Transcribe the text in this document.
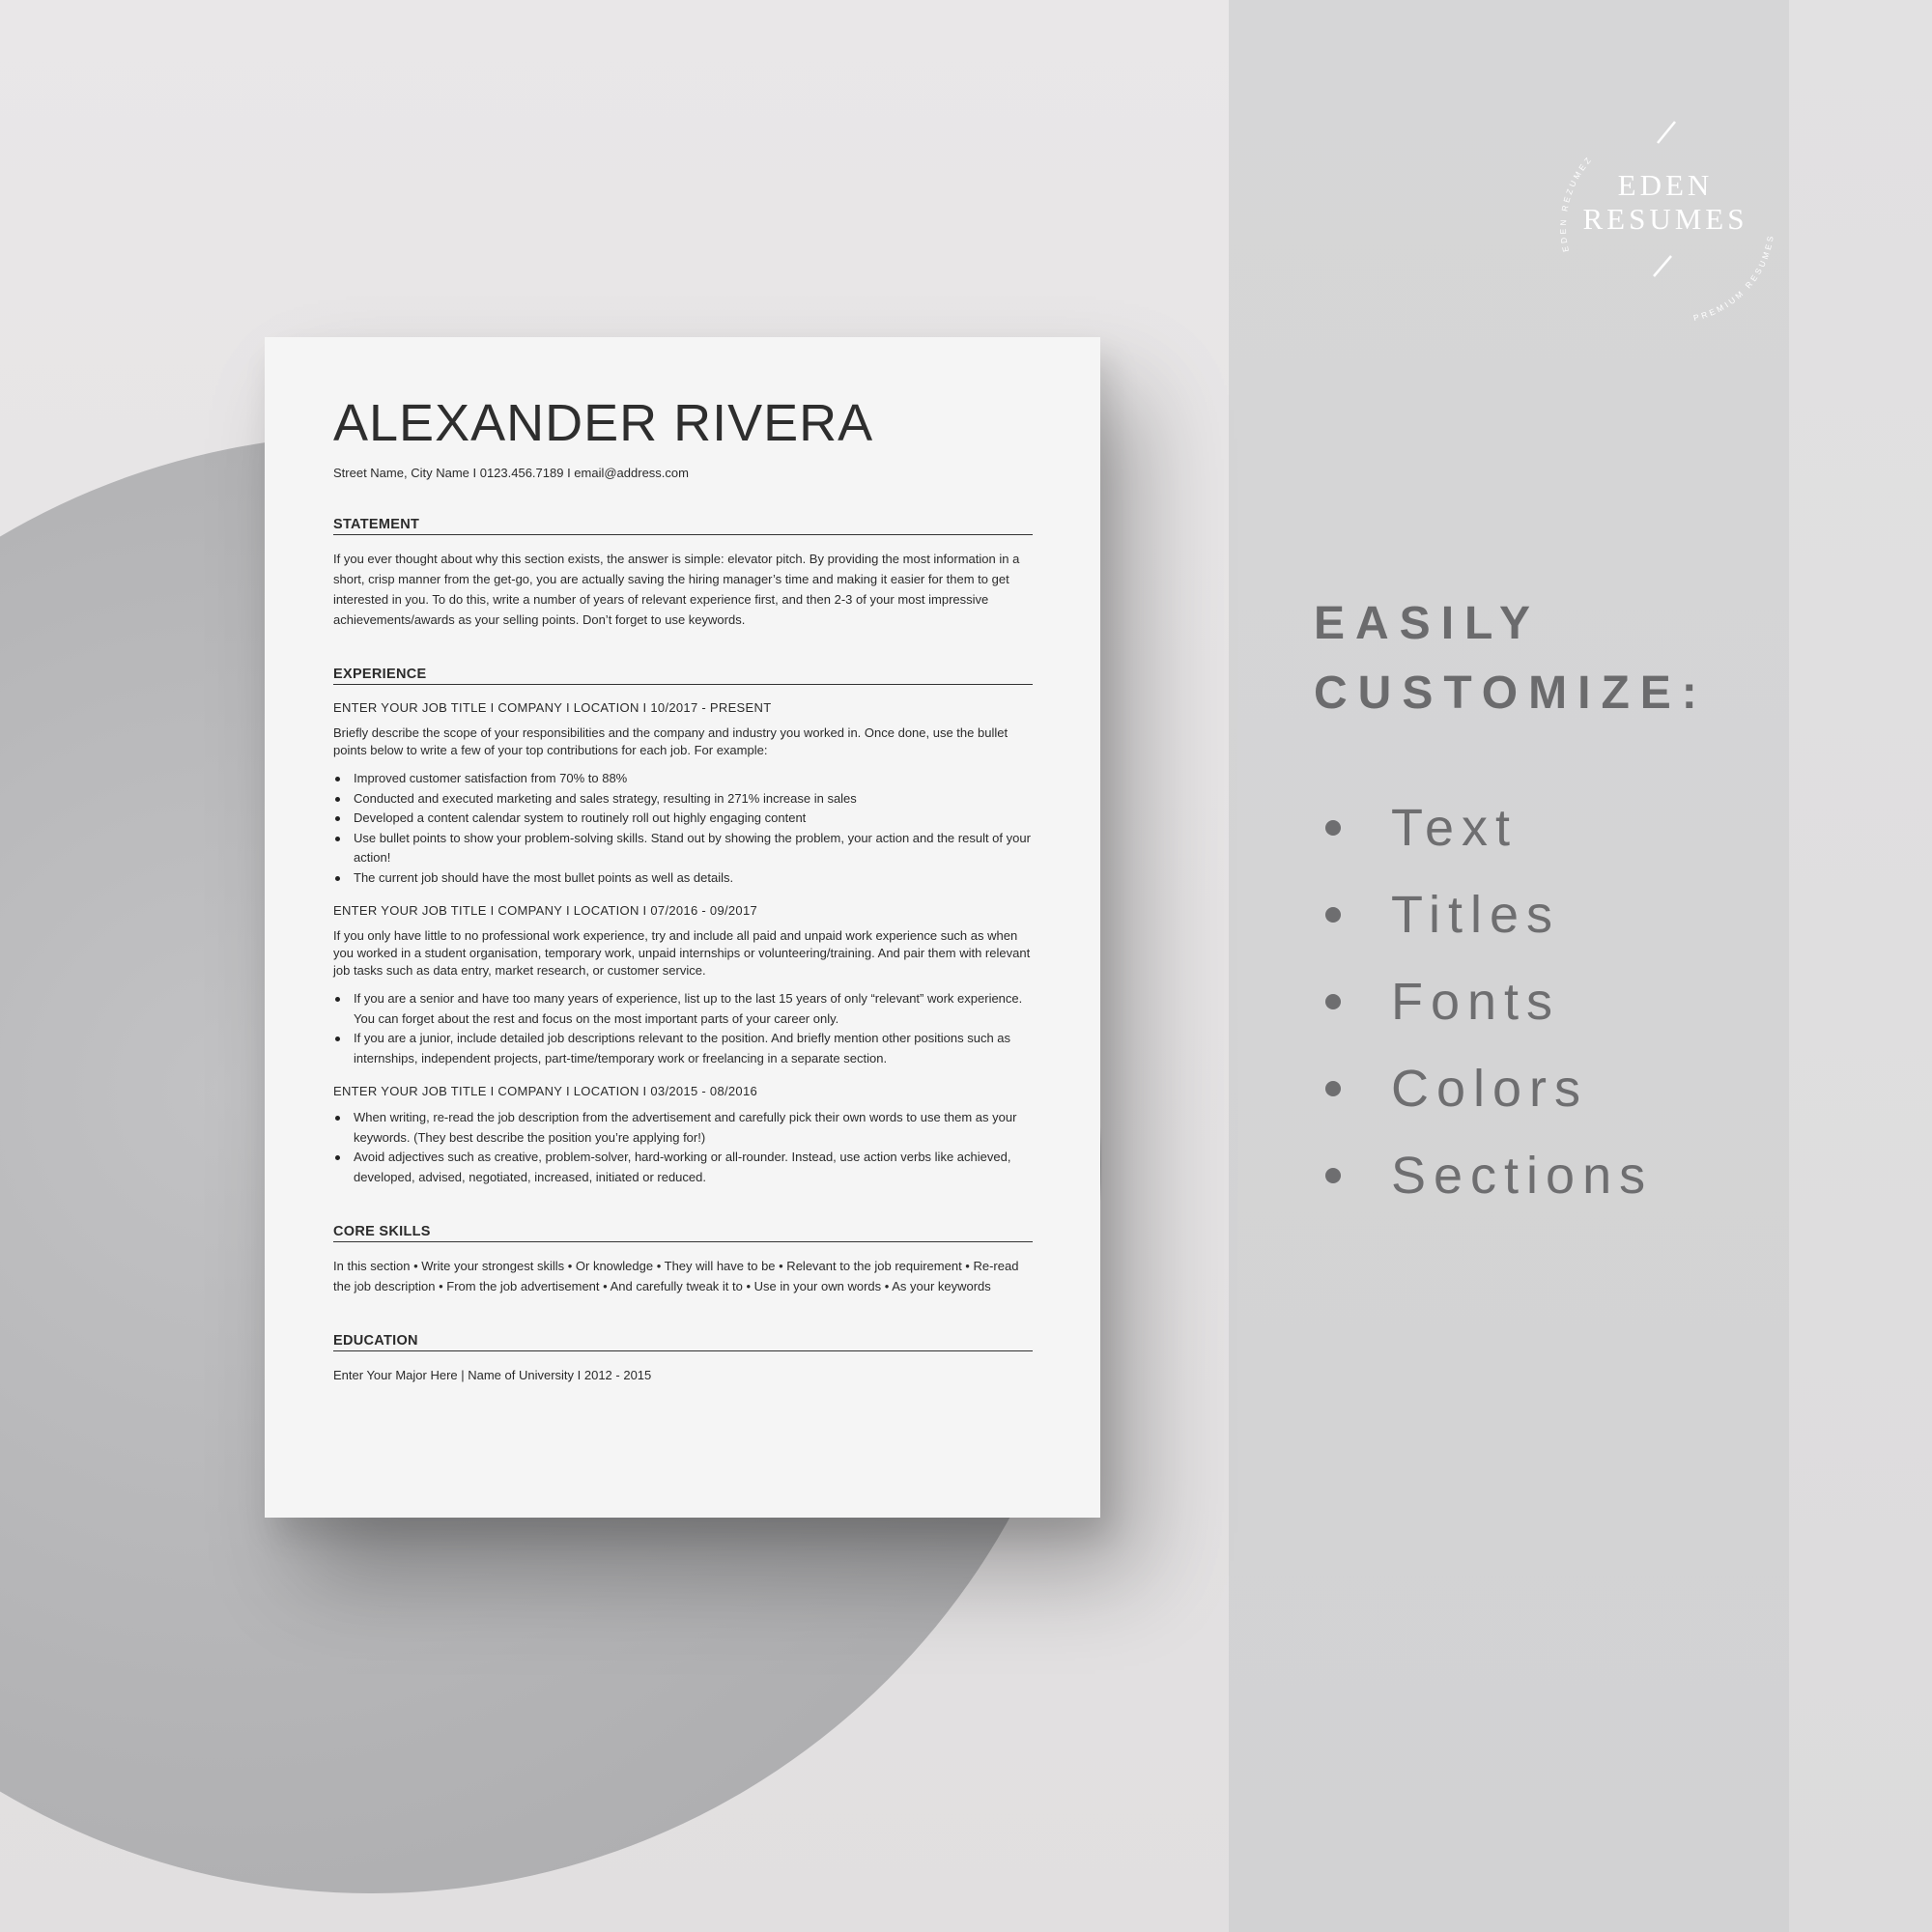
ALEXANDER RIVERA
Street Name, City Name I 0123.456.7189 I email@address.com
STATEMENT
If you ever thought about why this section exists, the answer is simple: elevator pitch. By providing the most information in a short, crisp manner from the get-go, you are actually saving the hiring manager’s time and making it easier for them to get interested in you. To do this, write a number of years of relevant experience first, and then 2-3 of your most impressive achievements/awards as your selling points. Don’t forget to use keywords.
EXPERIENCE
ENTER YOUR JOB TITLE I COMPANY I LOCATION I 10/2017 - PRESENT
Briefly describe the scope of your responsibilities and the company and industry you worked in. Once done, use the bullet points below to write a few of your top contributions for each job. For example:
Improved customer satisfaction from 70% to 88%
Conducted and executed marketing and sales strategy, resulting in 271% increase in sales
Developed a content calendar system to routinely roll out highly engaging content
Use bullet points to show your problem-solving skills. Stand out by showing the problem, your action and the result of your action!
The current job should have the most bullet points as well as details.
ENTER YOUR JOB TITLE I COMPANY I LOCATION I 07/2016 - 09/2017
If you only have little to no professional work experience, try and include all paid and unpaid work experience such as when you worked in a student organisation, temporary work, unpaid internships or volunteering/training. And pair them with relevant job tasks such as data entry, market research, or customer service.
If you are a senior and have too many years of experience, list up to the last 15 years of only “relevant” work experience. You can forget about the rest and focus on the most important parts of your career only.
If you are a junior, include detailed job descriptions relevant to the position. And briefly mention other positions such as internships, independent projects, part-time/temporary work or freelancing in a separate section.
ENTER YOUR JOB TITLE I COMPANY I LOCATION I 03/2015 - 08/2016
When writing, re-read the job description from the advertisement and carefully pick their own words to use them as your keywords. (They best describe the position you’re applying for!)
Avoid adjectives such as creative, problem-solver, hard-working or all-rounder. Instead, use action verbs like achieved, developed, advised, negotiated, increased, initiated or reduced.
CORE SKILLS
In this section • Write your strongest skills • Or knowledge • They will have to be • Relevant to the job requirement • Re-read the job description • From the job advertisement • And carefully tweak it to • Use in your own words • As your keywords
EDUCATION
Enter Your Major Here | Name of University I 2012 - 2015
EDEN REZUMEZ
PREMIUM RESUMES
EDEN
RESUMES
EASILY
CUSTOMIZE:
Text
Titles
Fonts
Colors
Sections
